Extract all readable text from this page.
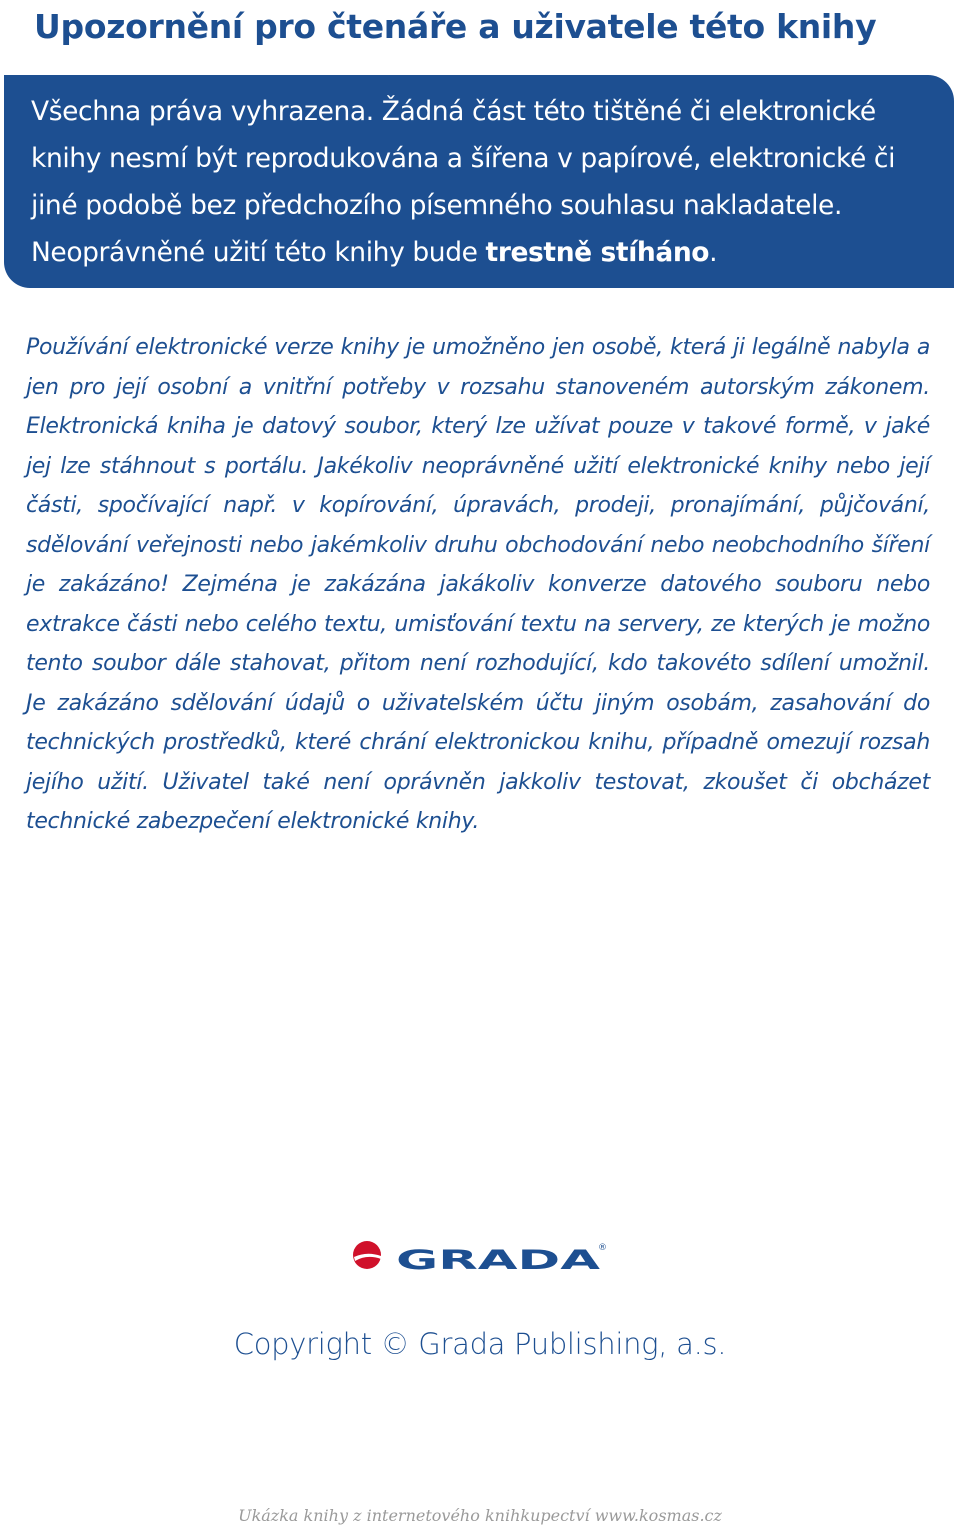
Upozornění pro čtenáře a uživatele této knihy

Všechna práva vyhrazena. Žádná část této tištěné či elektronické knihy nesmí být reprodukována a šířena v papírové, elektronické či jiné podobě bez předchozího písemného souhlasu nakladatele. Neoprávněné užití této knihy bude trestně stíháno.

Používání elektronické verze knihy je umožněno jen osobě, která ji legálně nabyla a jen pro její osobní a vnitřní potřeby v rozsahu stanoveném autorským zákonem. Elektronická kniha je datový soubor, který lze užívat pouze v takové formě, v jaké jej lze stáhnout s portálu. Jakékoliv neoprávněné užití elektronické knihy nebo její části, spočívající např. v kopírování, úpravách, prodeji, pronajímání, půjčování, sdělování veřejnosti nebo jakémkoliv druhu obchodování nebo neobchodního šíření je zakázáno! Zejména je zakázána jakákoliv konverze datového souboru nebo extrakce části nebo celého textu, umisťování textu na servery, ze kterých je možno tento soubor dále stahovat, přitom není rozhodující, kdo takovéto sdílení umožnil. Je zakázáno sdělování údajů o uživatelském účtu jiným osobám, zasahování do technických prostředků, které chrání elektronickou knihu, případně omezují rozsah jejího užití. Uživatel také není oprávněn jakkoliv testovat, zkoušet či obcházet technické zabezpečení elektronické knihy.

GRADA
®
Copyright © Grada Publishing, a.s.
Ukázka knihy z internetového knihkupectví www.kosmas.cz
